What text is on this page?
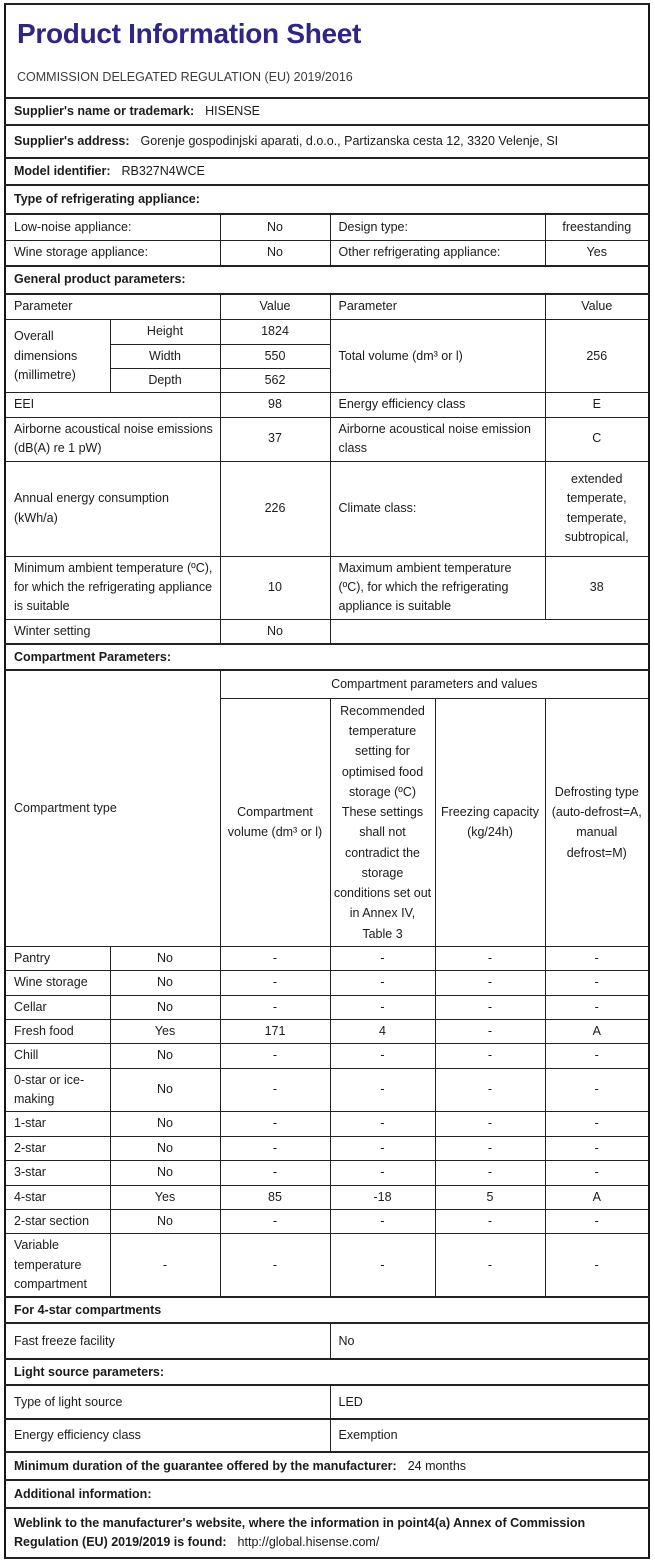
Product Information Sheet
COMMISSION DELEGATED REGULATION (EU) 2019/2016

Supplier's name or trademark: HISENSE					
Supplier's address: Gorenje gospodinjski aparati, d.o.o., Partizanska cesta 12, 3320 Velenje, SI					
Model identifier: RB327N4WCE					
Type of refrigerating appliance:					
Low-noise appliance:		No	Design type:		freestanding
Wine storage appliance:		No	Other refrigerating appliance:		Yes
General product parameters:					
Parameter		Value	Parameter		Value
Overall dimensions (millimetre)	Height	1824	Total volume (dm³ or l)		256
	Width	550			
	Depth	562			
EEI		98	Energy efficiency class		E
Airborne acoustical noise emissions (dB(A) re 1 pW)		37	Airborne acoustical noise emission class		C
Annual energy consumption (kWh/a)		226	Climate class:		extended temperate, temperate, subtropical,
Minimum ambient temperature (ºC), for which the refrigerating appliance is suitable		10	Maximum ambient temperature (ºC), for which the refrigerating appliance is suitable		38
Winter setting		No			
Compartment Parameters:					
Compartment type		Compartment parameters and values			
		Compartment volume (dm³ or l)	Recommended temperature setting for optimised food storage (ºC) These settings shall not contradict the storage conditions set out in Annex IV, Table 3	Freezing capacity (kg/24h)	Defrosting type (auto-defrost=A, manual defrost=M)
Pantry	No	-	-	-	-
Wine storage	No	-	-	-	-
Cellar	No	-	-	-	-
Fresh food	Yes	171	4	-	A
Chill	No	-	-	-	-
0-star or ice-making	No	-	-	-	-
1-star	No	-	-	-	-
2-star	No	-	-	-	-
3-star	No	-	-	-	-
4-star	Yes	85	-18	5	A
2-star section	No	-	-	-	-
Variable temperature compartment	-	-	-	-	-
For 4-star compartments					
Fast freeze facility			No		
Light source parameters:					
Type of light source			LED		
Energy efficiency class			Exemption		
Minimum duration of the guarantee offered by the manufacturer: 24 months					
Additional information:					
Weblink to the manufacturer's website, where the information in point4(a) Annex of Commission Regulation (EU) 2019/2019 is found: http://global.hisense.com/					
